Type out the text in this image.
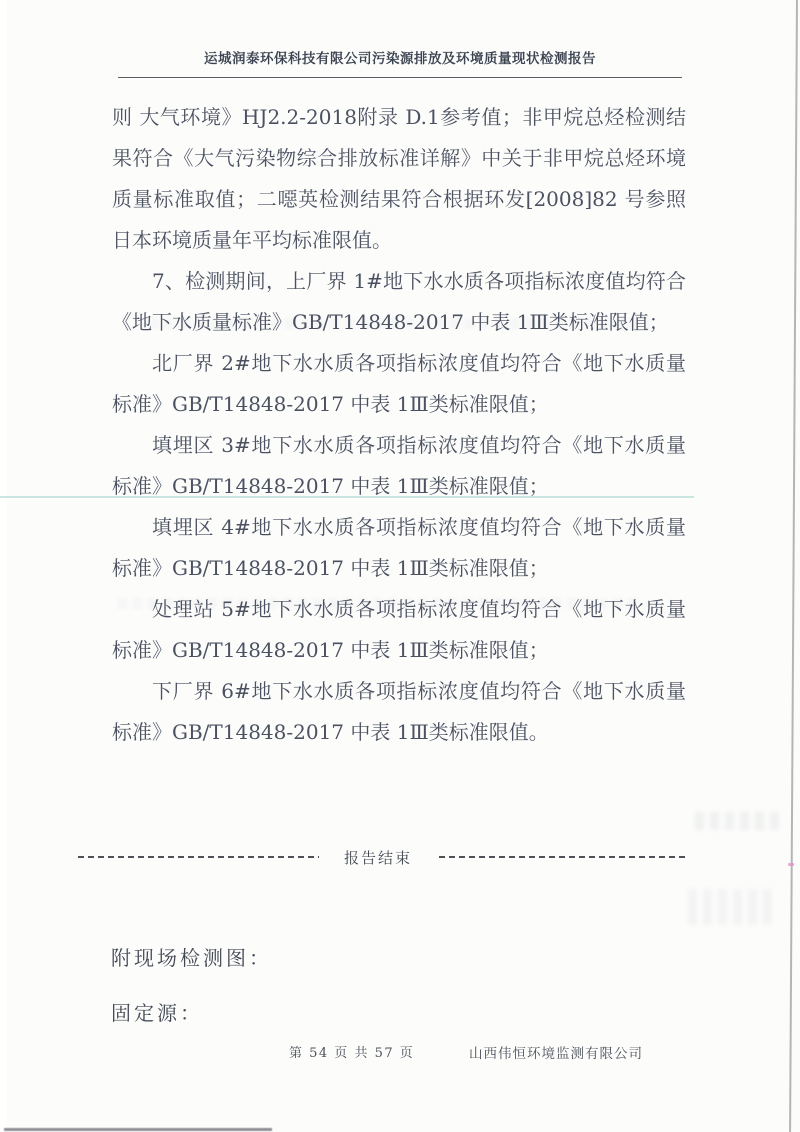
运城润泰环保科技有限公司污染源排放及环境质量现状检测报告

则 大气环境》HJ2.2-2018附录 D.1参考值；非甲烷总烃检测结果符合《大气污染物综合排放标准详解》中关于非甲烷总烃环境质量标准取值；二噁英检测结果符合根据环发[2008]82 号参照日本环境质量年平均标准限值。

7、检测期间，上厂界 1#地下水水质各项指标浓度值均符合《地下水质量标准》GB/T14848-2017 中表 1Ⅲ类标准限值；

北厂界 2#地下水水质各项指标浓度值均符合《地下水质量标准》GB/T14848-2017 中表 1Ⅲ类标准限值；

填埋区 3#地下水水质各项指标浓度值均符合《地下水质量标准》GB/T14848-2017 中表 1Ⅲ类标准限值；

填埋区 4#地下水水质各项指标浓度值均符合《地下水质量标准》GB/T14848-2017 中表 1Ⅲ类标准限值；

处理站 5#地下水水质各项指标浓度值均符合《地下水质量标准》GB/T14848-2017 中表 1Ⅲ类标准限值；

下厂界 6#地下水水质各项指标浓度值均符合《地下水质量标准》GB/T14848-2017 中表 1Ⅲ类标准限值。

报告结束
附现场检测图：
固定源：
第 54 页 共 57 页	山西伟恒环境监测有限公司
